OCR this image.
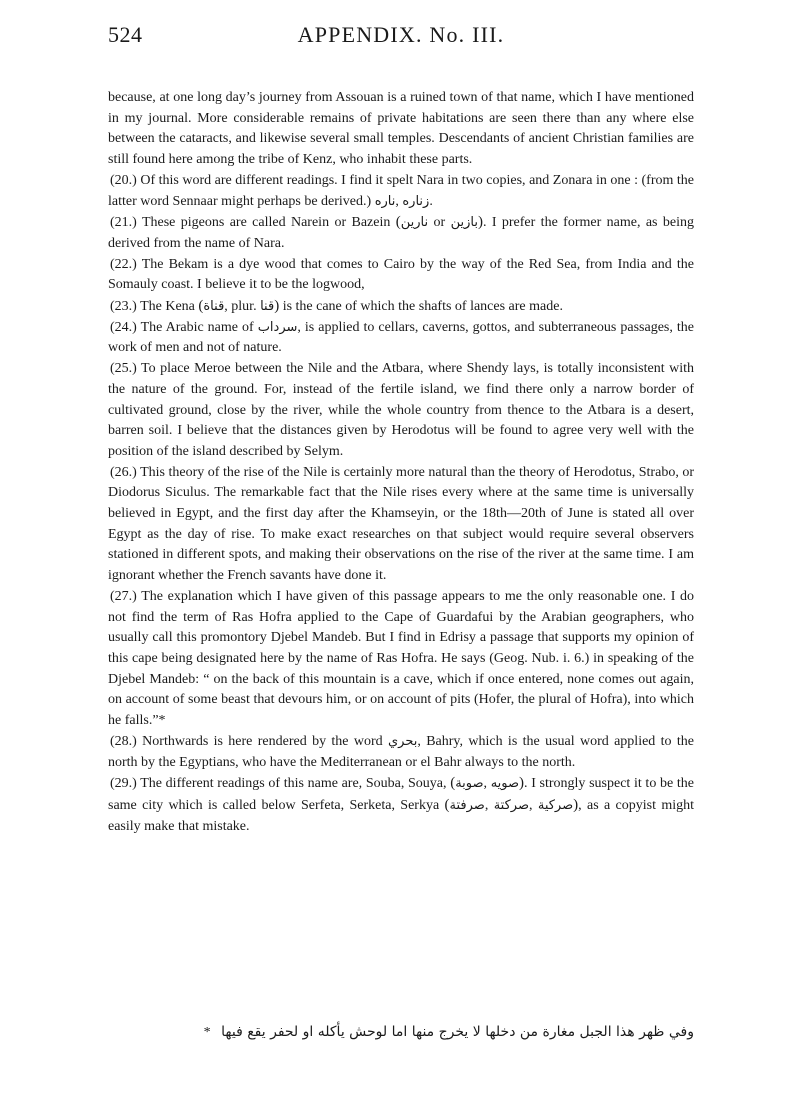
524	APPENDIX. No. III.

because, at one long day’s journey from Assouan is a ruined town of that name, which I have mentioned in my journal. More considerable remains of private habitations are seen there than any where else between the cataracts, and likewise several small temples. Descendants of ancient Christian families are still found here among the tribe of Kenz, who inhabit these parts.

(20.) Of this word are different readings. I find it spelt Nara in two copies, and Zonara in one : (from the latter word Sennaar might perhaps be derived.) ناره, زناره.

(21.) These pigeons are called Narein or Bazein (نارين or بازين). I prefer the former name, as being derived from the name of Nara.

(22.) The Bekam is a dye wood that comes to Cairo by the way of the Red Sea, from India and the Somauly coast. I believe it to be the logwood,

(23.) The Kena (قناة, plur. قنا) is the cane of which the shafts of lances are made.

(24.) The Arabic name of سرداب, is applied to cellars, caverns, gottos, and subterraneous passages, the work of men and not of nature.

(25.) To place Meroe between the Nile and the Atbara, where Shendy lays, is totally inconsistent with the nature of the ground. For, instead of the fertile island, we find there only a narrow border of cultivated ground, close by the river, while the whole country from thence to the Atbara is a desert, barren soil. I believe that the distances given by Herodotus will be found to agree very well with the position of the island described by Selym.

(26.) This theory of the rise of the Nile is certainly more natural than the theory of Herodotus, Strabo, or Diodorus Siculus. The remarkable fact that the Nile rises every where at the same time is universally believed in Egypt, and the first day after the Khamseyin, or the 18th—20th of June is stated all over Egypt as the day of rise. To make exact researches on that subject would require several observers stationed in different spots, and making their observations on the rise of the river at the same time. I am ignorant whether the French savants have done it.

(27.) The explanation which I have given of this passage appears to me the only reasonable one. I do not find the term of Ras Hofra applied to the Cape of Guardafui by the Arabian geographers, who usually call this promontory Djebel Mandeb. But I find in Edrisy a passage that supports my opinion of this cape being designated here by the name of Ras Hofra. He says (Geog. Nub. i. 6.) in speaking of the Djebel Mandeb: “ on the back of this mountain is a cave, which if once entered, none comes out again, on account of some beast that devours him, or on account of pits (Hofer, the plural of Hofra), into which he falls.”*

(28.) Northwards is here rendered by the word بحري, Bahry, which is the usual word applied to the north by the Egyptians, who have the Mediterranean or el Bahr always to the north.

(29.) The different readings of this name are, Souba, Souya, (صوبة, صويه). I strongly suspect it to be the same city which is called below Serfeta, Serketa, Serkya (صرفتة, صركتة, صركية), as a copyist might easily make that mistake.

وفي ظهر هذا الجبل مغارة من دخلها لا يخرج منها اما لوحش يأكله او لحفر يقع فيها *
